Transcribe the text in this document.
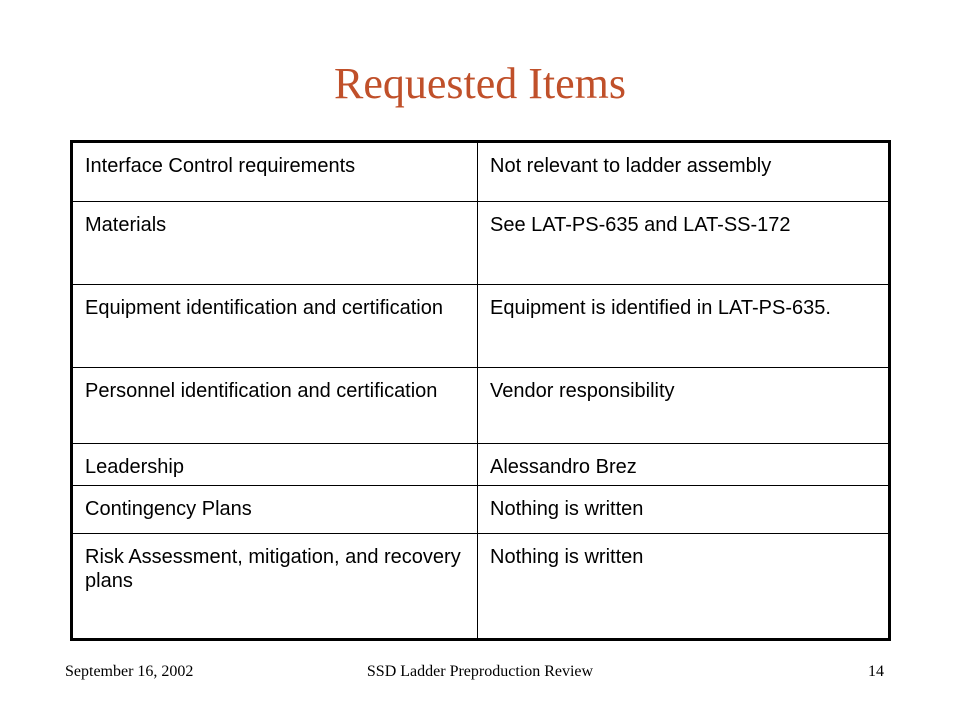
Requested Items
Interface Control requirements	Not relevant to ladder assembly
Materials	See LAT-PS-635 and LAT-SS-172
Equipment identification and certification	Equipment is identified in LAT-PS-635.
Personnel identification and certification	Vendor responsibility
Leadership	Alessandro Brez
Contingency Plans	Nothing is written
Risk Assessment, mitigation, and recovery plans	Nothing is written
September 16, 2002	SSD Ladder Preproduction Review	14
